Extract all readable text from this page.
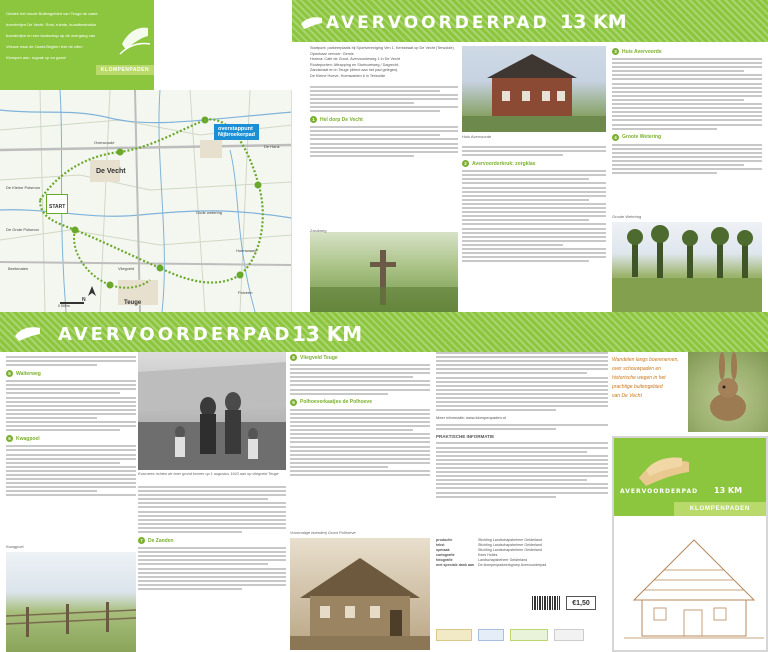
Ontdek het mooie Buitengebied van Teuge de vaste
boerderijen De Vecht. Rust, ruimte, kunstbestrokke
boerderijen en een landschap op de overgang van
Veluwe naar de IJssel-Begiien leer de ziten
Klompen aan, rugzak op en gaan!
KLOMPENPADEN
overstappunt
Nijbroekerpad
START
De Vecht
Teuge
De Kleine Polsmon
De Grote Polsmon
Overwoude
De Hank
Oude wetering
Hoenwaard
Vliegveld
Beekmaten
Polveen
N
0 500m
AVERVOORDERPAD 13 KM
Startpunt: parkeerplaats bij Sportvereniging Ven 1, Kerkstraat op De Vecht (Terwolde)
Openbaar vervoer: Gemis
Horeca: Cafe de Groot, Avervoordeweg 1 in De Vecht
Routepunten: Aftrapping en Stortvoetweg / Dagrecht,
Zandstraat en in Teuge (direct aan het pad gelegen).
De Kleine Hoeve, Hoenwaiden 6 in Terwolde
1	Hel dorp De Vecht
Zandweg
Huis Avervoorde
2	Avervoorderkruk: zorgklas
3	Huis Avervoorde
4	Groote Wetering
Groote Wetering
AVERVOORDERPAD 13 KM
5	Walterweg
6	Kwagpoel
Kwagpoel
Evacuees richten de boer grond komen op 1 augustus 1943 aan op vliegveld Teuge
7	De Zanden
8	Vliegveld Teuge
9	Polhoeverkaatjes de Polhoeve
Voormalige boerderij Groot Polhoeve
Meer informatie: www.klompenpaden.nl
PRAKTISCHE INFORMATIE
productie	Stichting Landschapsbeheer Gelderland
tekst	Stichting Landschapsbeheer Gelderland
opmaak	Stichting Landschapsbeheer Gelderland
cartografie	Kees Holtes
fotografie	Landschapsbeheer Gelderland
met speciale dank aan	De klompenpadwerkgroep Avervoorderpad
€1,50
Wandelen langs boerenerven,
over schouwpaden en
historische wegen in het
prachtige buitengebied
van De Vecht
AVERVOORDERPAD 13 KM
KLOMPENPADEN
